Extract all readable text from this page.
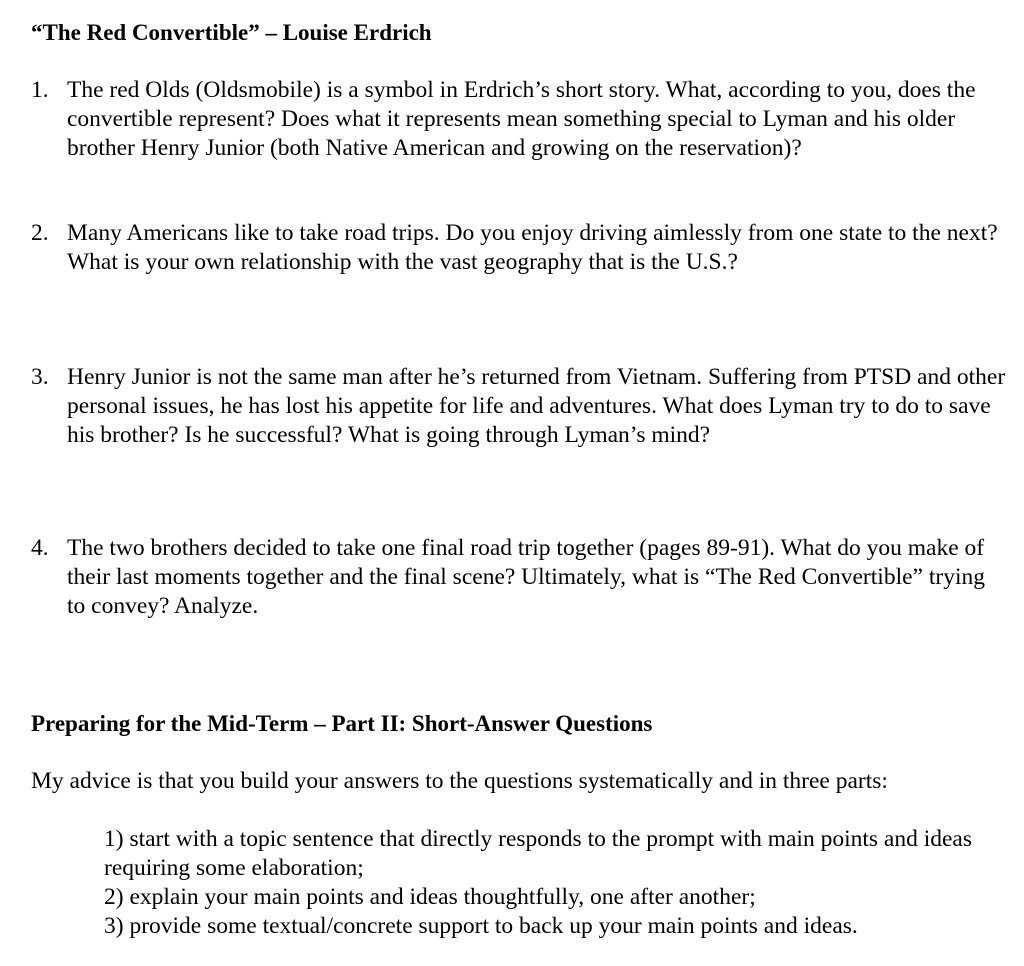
“The Red Convertible” – Louise Erdrich
1. The red Olds (Oldsmobile) is a symbol in Erdrich’s short story. What, according to you, does the convertible represent? Does what it represents mean something special to Lyman and his older brother Henry Junior (both Native American and growing on the reservation)?
2. Many Americans like to take road trips. Do you enjoy driving aimlessly from one state to the next? What is your own relationship with the vast geography that is the U.S.?
3. Henry Junior is not the same man after he’s returned from Vietnam. Suffering from PTSD and other personal issues, he has lost his appetite for life and adventures. What does Lyman try to do to save his brother? Is he successful? What is going through Lyman’s mind?
4. The two brothers decided to take one final road trip together (pages 89-91). What do you make of their last moments together and the final scene? Ultimately, what is “The Red Convertible” trying to convey? Analyze.
Preparing for the Mid-Term – Part II: Short-Answer Questions
My advice is that you build your answers to the questions systematically and in three parts:
1) start with a topic sentence that directly responds to the prompt with main points and ideas requiring some elaboration;
2) explain your main points and ideas thoughtfully, one after another;
3) provide some textual/concrete support to back up your main points and ideas.
